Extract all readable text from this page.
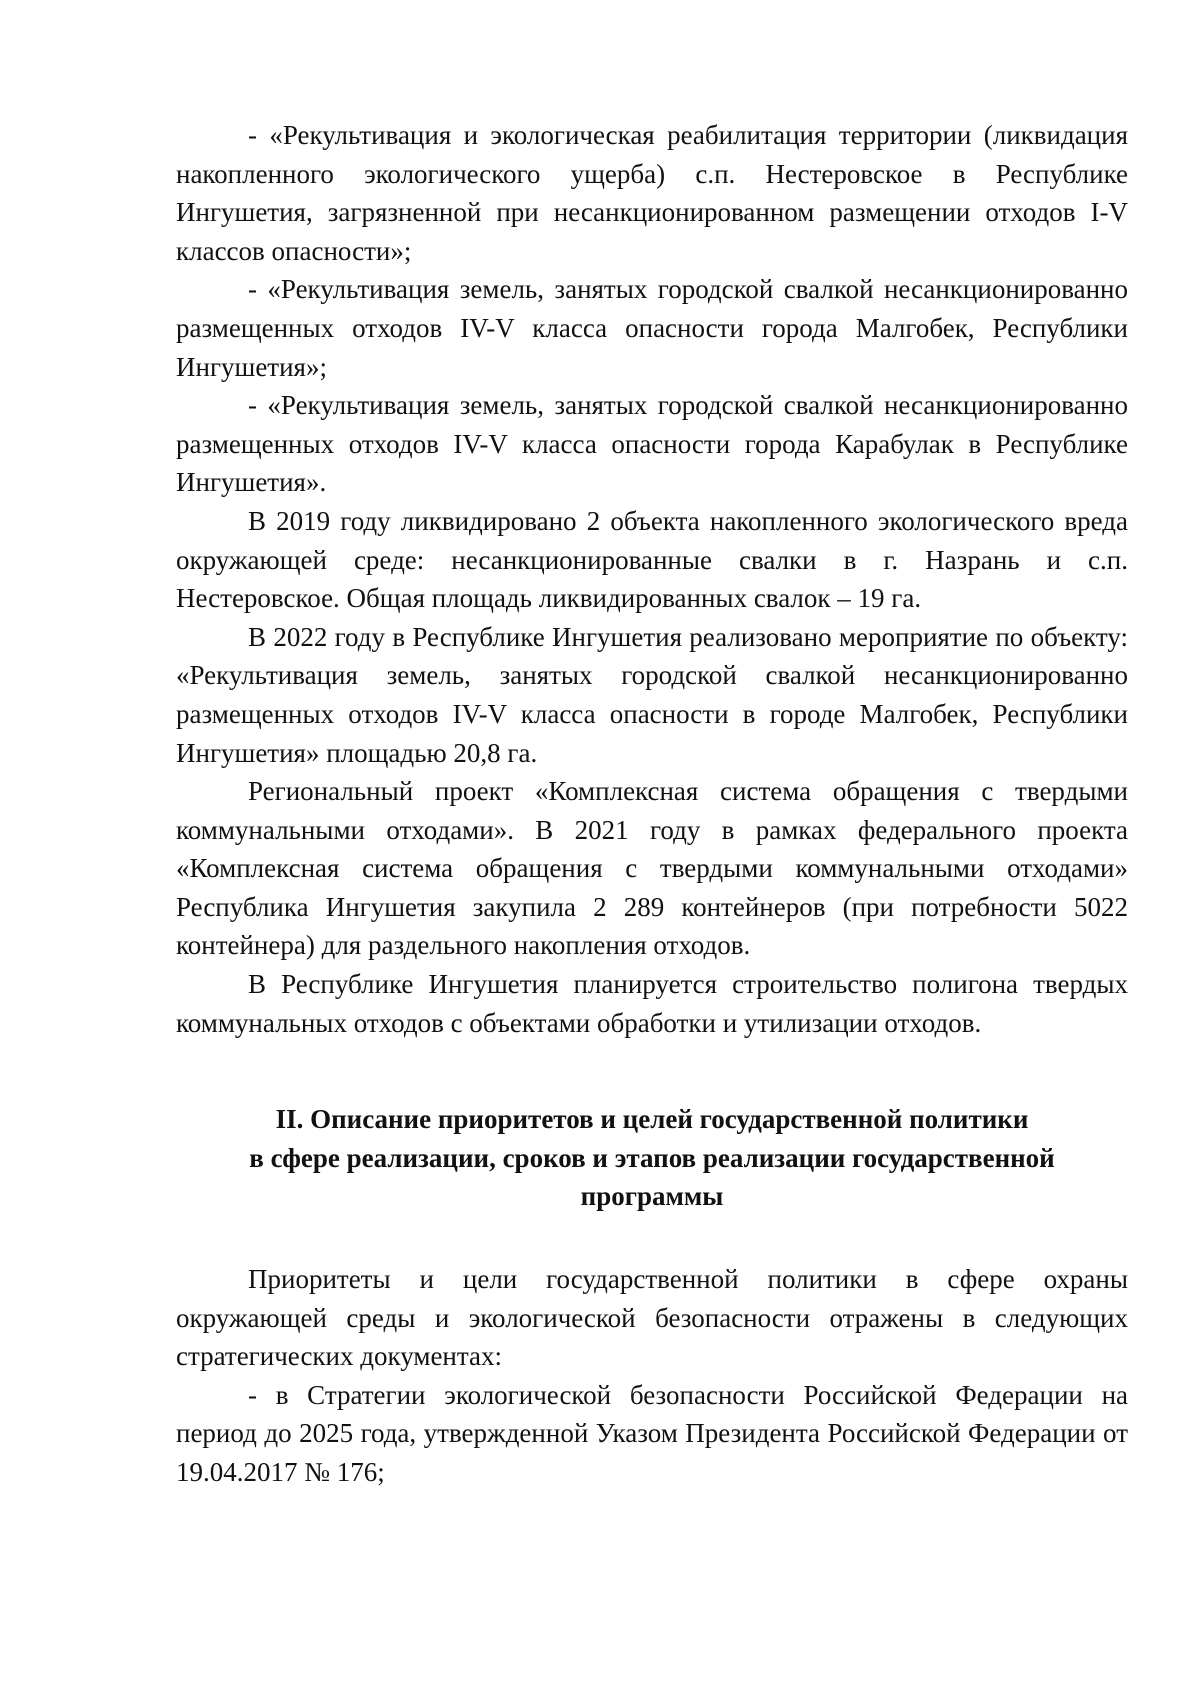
- «Рекультивация и экологическая реабилитация территории (ликвидация накопленного экологического ущерба) с.п. Нестеровское в Республике Ингушетия, загрязненной при несанкционированном размещении отходов I-V классов опасности»;

- «Рекультивация земель, занятых городской свалкой несанкционированно размещенных отходов IV-V класса опасности города Малгобек, Республики Ингушетия»;

- «Рекультивация земель, занятых городской свалкой несанкционированно размещенных отходов IV-V класса опасности города Карабулак в Республике Ингушетия».

В 2019 году ликвидировано 2 объекта накопленного экологического вреда окружающей среде: несанкционированные свалки в г. Назрань и с.п. Нестеровское. Общая площадь ликвидированных свалок – 19 га.

В 2022 году в Республике Ингушетия реализовано мероприятие по объекту: «Рекультивация земель, занятых городской свалкой несанкционированно размещенных отходов IV-V класса опасности в городе Малгобек, Республики Ингушетия» площадью 20,8 га.

Региональный проект «Комплексная система обращения с твердыми коммунальными отходами». В 2021 году в рамках федерального проекта «Комплексная система обращения с твердыми коммунальными отходами» Республика Ингушетия закупила 2 289 контейнеров (при потребности 5022 контейнера) для раздельного накопления отходов.

В Республике Ингушетия планируется строительство полигона твердых коммунальных отходов с объектами обработки и утилизации отходов.

II. Описание приоритетов и целей государственной политики
в сфере реализации, сроков и этапов реализации государственной
программы

Приоритеты и цели государственной политики в сфере охраны окружающей среды и экологической безопасности отражены в следующих стратегических документах:

- в Стратегии экологической безопасности Российской Федерации на период до 2025 года, утвержденной Указом Президента Российской Федерации от 19.04.2017 № 176;
